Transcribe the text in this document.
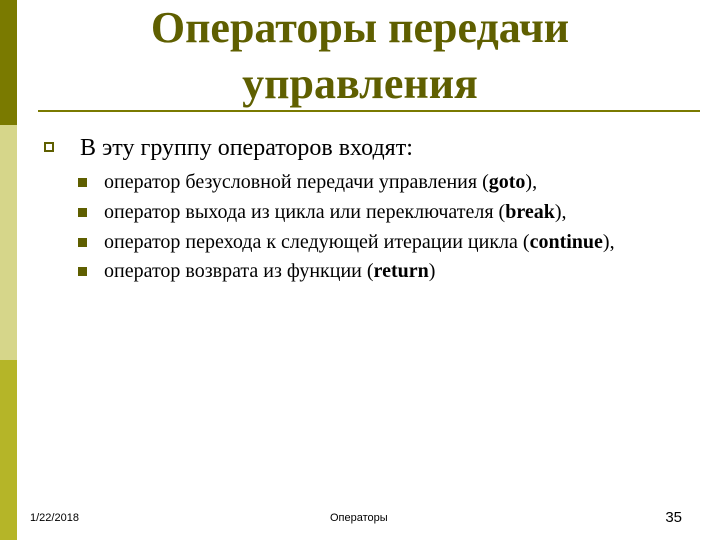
Операторы передачи
управления
В эту группу операторов входят:
оператор безусловной передачи управления (goto),
оператор выхода из цикла или переключателя (break),
оператор перехода к следующей итерации цикла (continue),
оператор возврата из функции (return)
1/22/2018	Операторы	35
